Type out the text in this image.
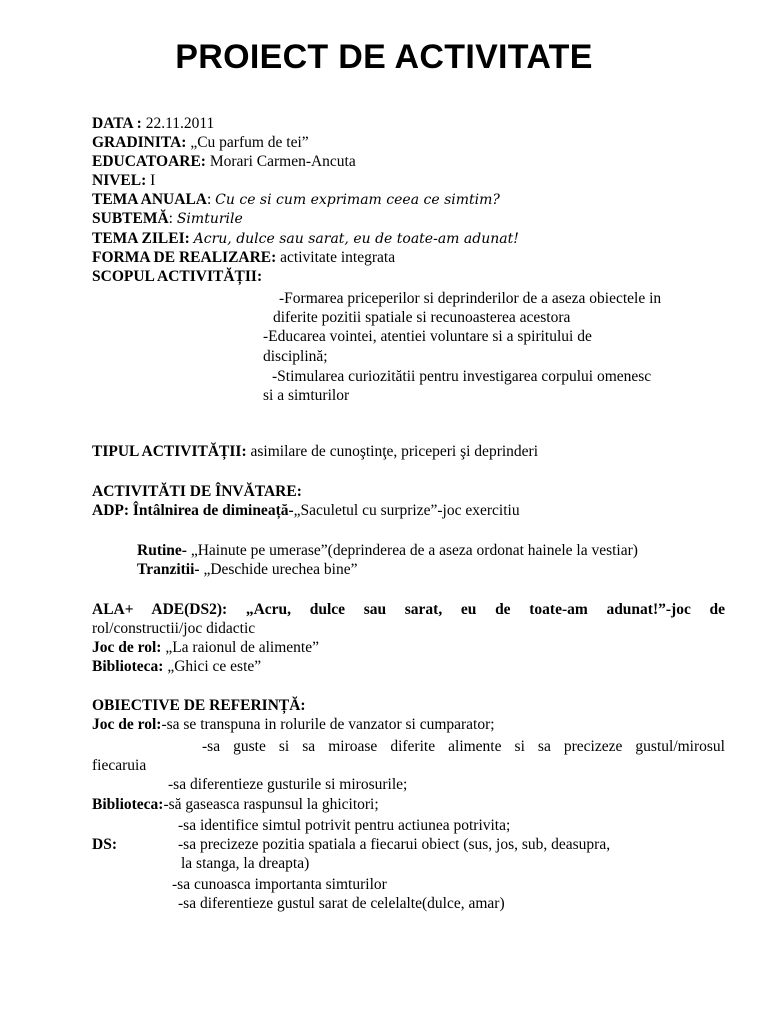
PROIECT DE ACTIVITATE
DATA : 22.11.2011
GRADINITA: „Cu parfum de tei”
EDUCATOARE: Morari Carmen-Ancuta
NIVEL: I
TEMA ANUALA: Cu ce si cum exprimam ceea ce simtim?
SUBTEMĂ: Simturile
TEMA ZILEI: Acru, dulce sau sarat, eu de toate-am adunat!
FORMA DE REALIZARE: activitate integrata
SCOPUL ACTIVITĂȚII:
-Formarea priceperilor si deprinderilor de a aseza obiectele in
diferite pozitii spatiale si recunoasterea acestora
-Educarea vointei, atentiei voluntare si a spiritului de
disciplină;
-Stimularea curiozitătii pentru investigarea corpului omenesc
si a simturilor
TIPUL ACTIVITĂȚII: asimilare de cunoştinţe, priceperi şi deprinderi
ACTIVITĂTI DE ÎNVĂTARE:
ADP: Întâlnirea de dimineață-„Saculetul cu surprize”-joc exercitiu
Rutine- „Hainute pe umerase”(deprinderea de a aseza ordonat hainele la vestiar)
Tranzitii- „Deschide urechea bine”
ALA+ ADE(DS2): „Acru, dulce sau sarat, eu de toate-am adunat!”-joc de
rol/constructii/joc didactic
Joc de rol: „La raionul de alimente”
Biblioteca: „Ghici ce este”
OBIECTIVE DE REFERINȚĂ:
Joc de rol:-sa se transpuna in rolurile de vanzator si cumparator;
-sa guste si sa miroase diferite alimente si sa precizeze gustul/mirosul
fiecaruia
-sa diferentieze gusturile si mirosurile;
Biblioteca:-să gaseasca raspunsul la ghicitori;
-sa identifice simtul potrivit pentru actiunea potrivita;
DS:	-sa precizeze pozitia spatiala a fiecarui obiect (sus, jos, sub, deasupra,
la stanga, la dreapta)
-sa cunoasca importanta simturilor
-sa diferentieze gustul sarat de celelalte(dulce, amar)
